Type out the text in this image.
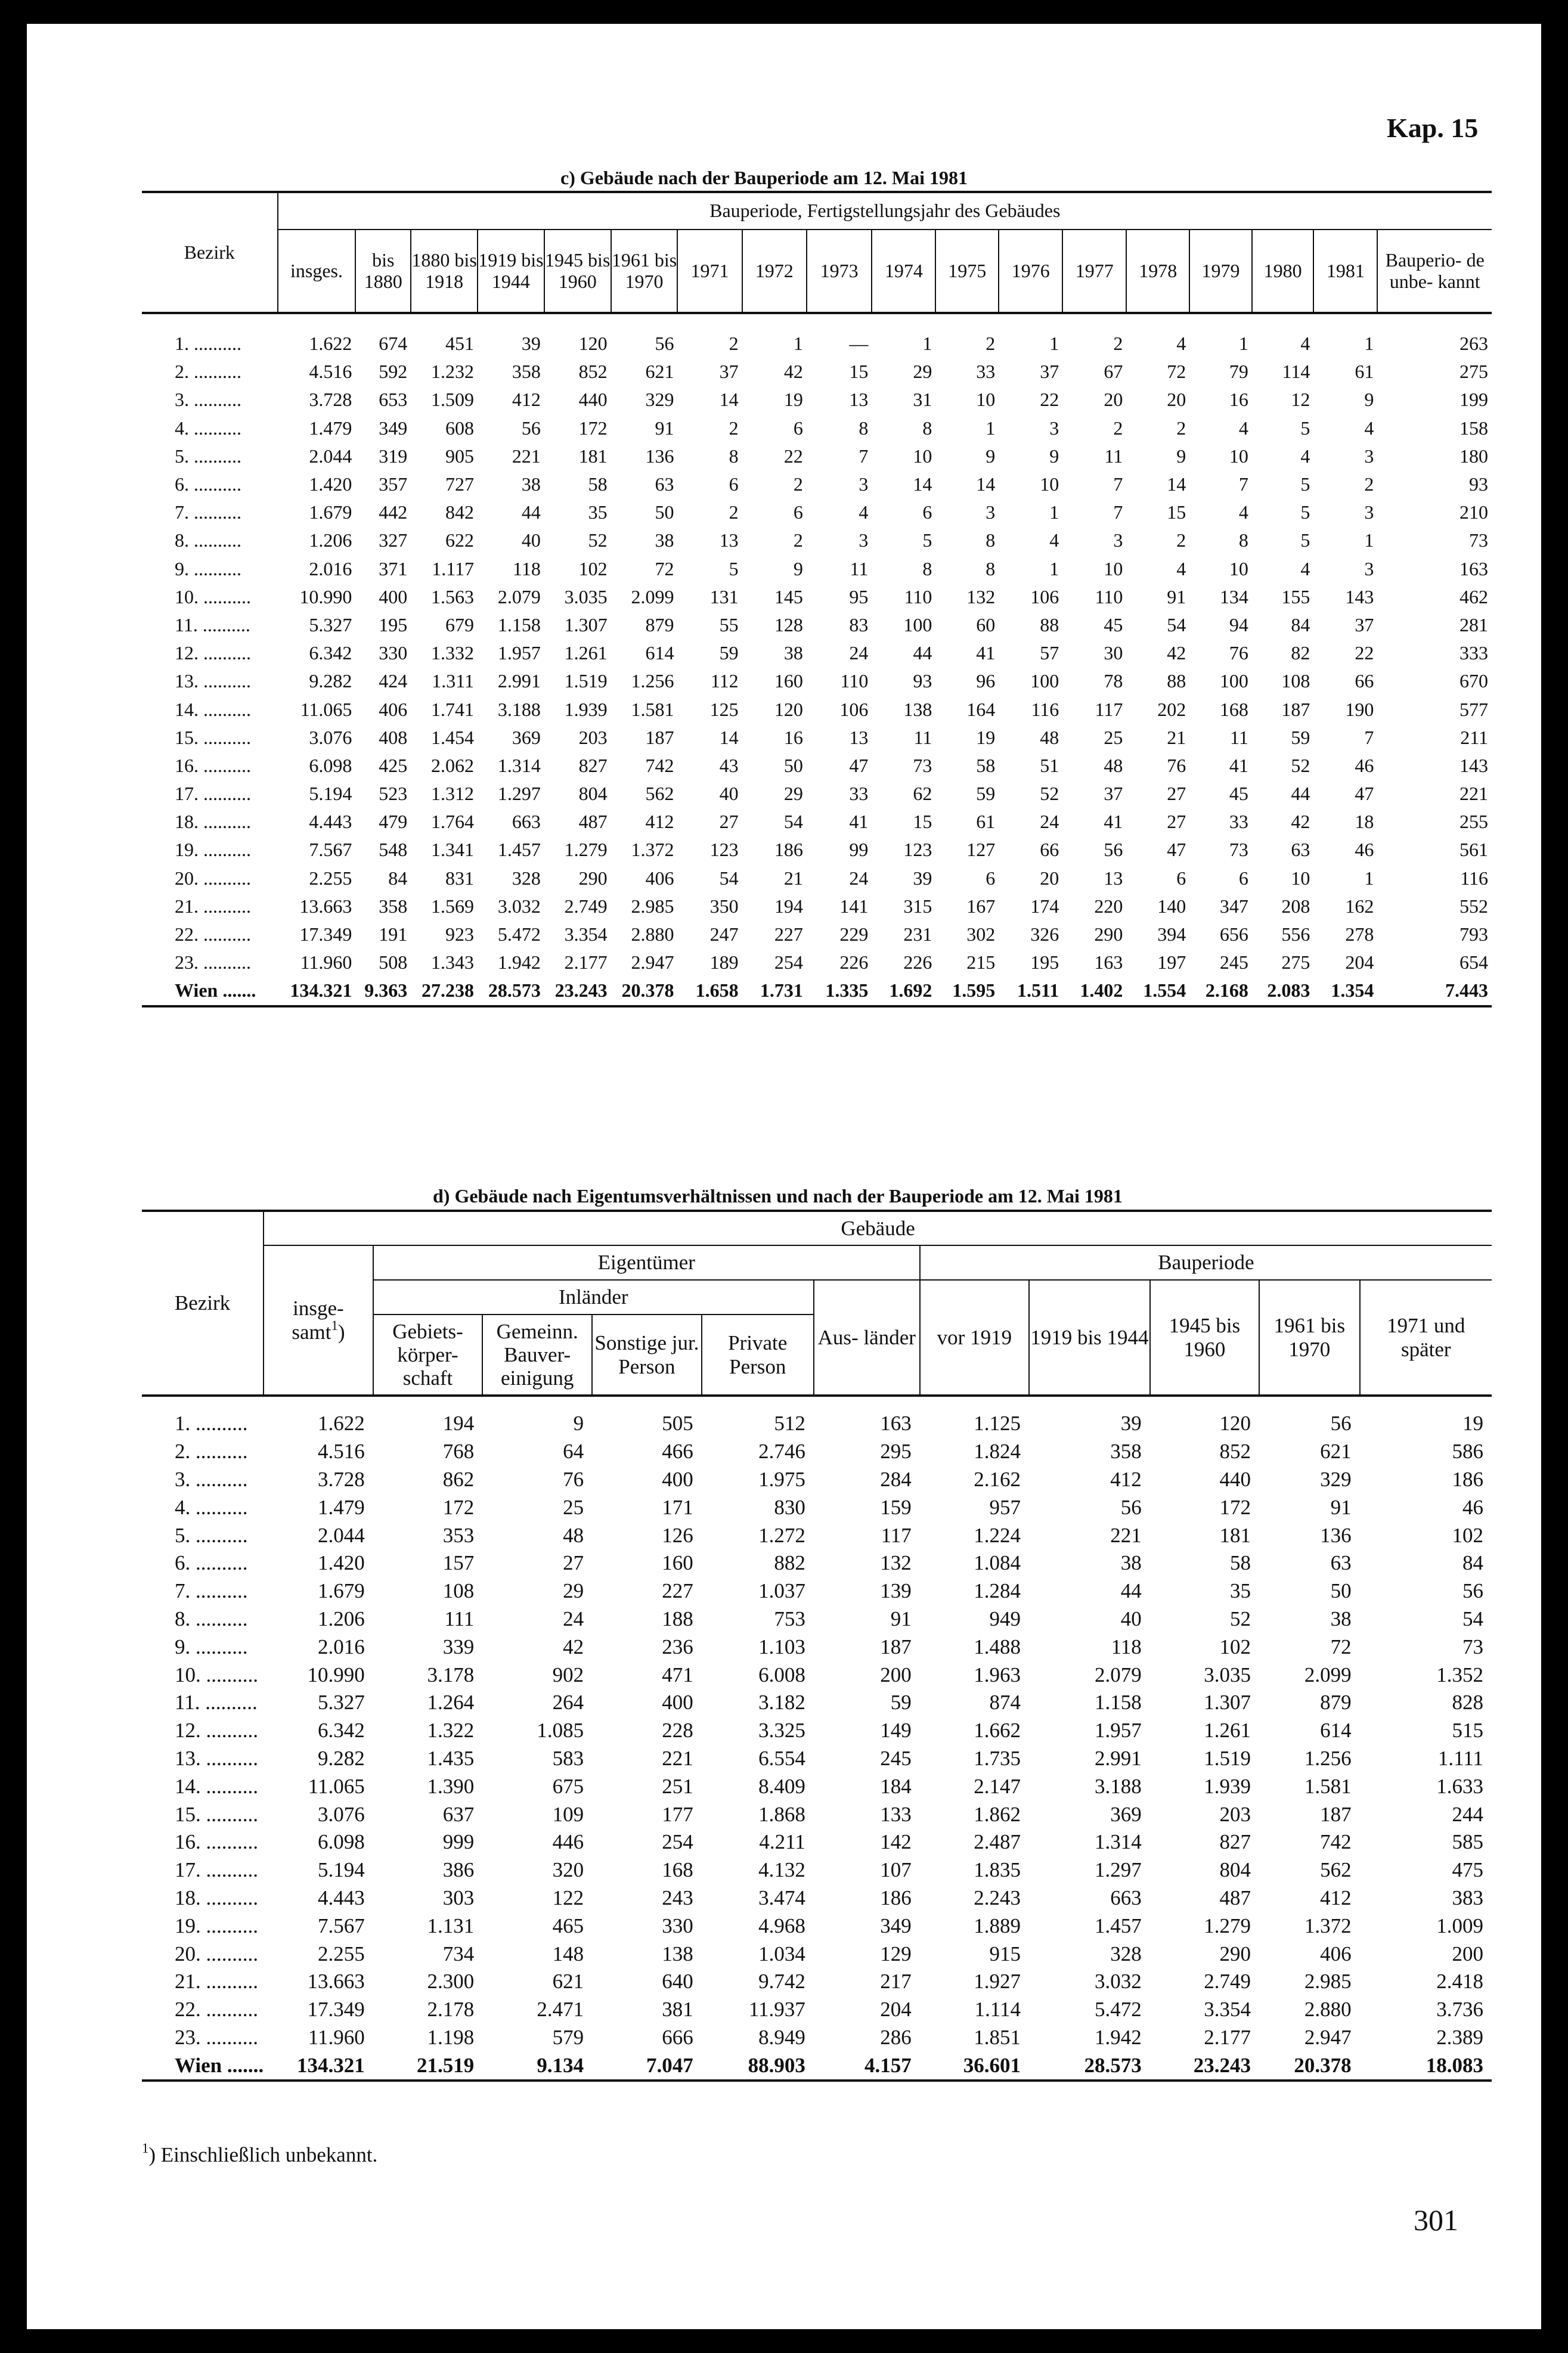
Kap. 15
c) Gebäude nach der Bauperiode am 12. Mai 1981
Bezirk	Bauperiode, Fertigstellungsjahr des Gebäudes																	
	insges.	bis 1880	1880 bis 1918	1919 bis 1944	1945 bis 1960	1961 bis 1970	1971	1972	1973	1974	1975	1976	1977	1978	1979	1980	1981	Bauperio- de unbe- kannt
1. ..........	1.622	674	451	39	120	56	2	1	—	1	2	1	2	4	1	4	1	263
2. ..........	4.516	592	1.232	358	852	621	37	42	15	29	33	37	67	72	79	114	61	275
3. ..........	3.728	653	1.509	412	440	329	14	19	13	31	10	22	20	20	16	12	9	199
4. ..........	1.479	349	608	56	172	91	2	6	8	8	1	3	2	2	4	5	4	158
5. ..........	2.044	319	905	221	181	136	8	22	7	10	9	9	11	9	10	4	3	180
6. ..........	1.420	357	727	38	58	63	6	2	3	14	14	10	7	14	7	5	2	93
7. ..........	1.679	442	842	44	35	50	2	6	4	6	3	1	7	15	4	5	3	210
8. ..........	1.206	327	622	40	52	38	13	2	3	5	8	4	3	2	8	5	1	73
9. ..........	2.016	371	1.117	118	102	72	5	9	11	8	8	1	10	4	10	4	3	163
10. ..........	10.990	400	1.563	2.079	3.035	2.099	131	145	95	110	132	106	110	91	134	155	143	462
11. ..........	5.327	195	679	1.158	1.307	879	55	128	83	100	60	88	45	54	94	84	37	281
12. ..........	6.342	330	1.332	1.957	1.261	614	59	38	24	44	41	57	30	42	76	82	22	333
13. ..........	9.282	424	1.311	2.991	1.519	1.256	112	160	110	93	96	100	78	88	100	108	66	670
14. ..........	11.065	406	1.741	3.188	1.939	1.581	125	120	106	138	164	116	117	202	168	187	190	577
15. ..........	3.076	408	1.454	369	203	187	14	16	13	11	19	48	25	21	11	59	7	211
16. ..........	6.098	425	2.062	1.314	827	742	43	50	47	73	58	51	48	76	41	52	46	143
17. ..........	5.194	523	1.312	1.297	804	562	40	29	33	62	59	52	37	27	45	44	47	221
18. ..........	4.443	479	1.764	663	487	412	27	54	41	15	61	24	41	27	33	42	18	255
19. ..........	7.567	548	1.341	1.457	1.279	1.372	123	186	99	123	127	66	56	47	73	63	46	561
20. ..........	2.255	84	831	328	290	406	54	21	24	39	6	20	13	6	6	10	1	116
21. ..........	13.663	358	1.569	3.032	2.749	2.985	350	194	141	315	167	174	220	140	347	208	162	552
22. ..........	17.349	191	923	5.472	3.354	2.880	247	227	229	231	302	326	290	394	656	556	278	793
23. ..........	11.960	508	1.343	1.942	2.177	2.947	189	254	226	226	215	195	163	197	245	275	204	654
Wien .......	134.321	9.363	27.238	28.573	23.243	20.378	1.658	1.731	1.335	1.692	1.595	1.511	1.402	1.554	2.168	2.083	1.354	7.443
d) Gebäude nach Eigentumsverhältnissen und nach der Bauperiode am 12. Mai 1981
Bezirk	Gebäude										
	insge- samt$^1$)	Eigentümer					Bauperiode				
		Inländer				Aus- länder	vor 1919	1919 bis 1944	1945 bis 1960	1961 bis 1970	1971 und später
		Gebiets- körper- schaft	Gemeinn. Bauver- einigung	Sonstige jur. Person	Private Person						
1. ..........	1.622	194	9	505	512	163	1.125	39	120	56	19
2. ..........	4.516	768	64	466	2.746	295	1.824	358	852	621	586
3. ..........	3.728	862	76	400	1.975	284	2.162	412	440	329	186
4. ..........	1.479	172	25	171	830	159	957	56	172	91	46
5. ..........	2.044	353	48	126	1.272	117	1.224	221	181	136	102
6. ..........	1.420	157	27	160	882	132	1.084	38	58	63	84
7. ..........	1.679	108	29	227	1.037	139	1.284	44	35	50	56
8. ..........	1.206	111	24	188	753	91	949	40	52	38	54
9. ..........	2.016	339	42	236	1.103	187	1.488	118	102	72	73
10. ..........	10.990	3.178	902	471	6.008	200	1.963	2.079	3.035	2.099	1.352
11. ..........	5.327	1.264	264	400	3.182	59	874	1.158	1.307	879	828
12. ..........	6.342	1.322	1.085	228	3.325	149	1.662	1.957	1.261	614	515
13. ..........	9.282	1.435	583	221	6.554	245	1.735	2.991	1.519	1.256	1.111
14. ..........	11.065	1.390	675	251	8.409	184	2.147	3.188	1.939	1.581	1.633
15. ..........	3.076	637	109	177	1.868	133	1.862	369	203	187	244
16. ..........	6.098	999	446	254	4.211	142	2.487	1.314	827	742	585
17. ..........	5.194	386	320	168	4.132	107	1.835	1.297	804	562	475
18. ..........	4.443	303	122	243	3.474	186	2.243	663	487	412	383
19. ..........	7.567	1.131	465	330	4.968	349	1.889	1.457	1.279	1.372	1.009
20. ..........	2.255	734	148	138	1.034	129	915	328	290	406	200
21. ..........	13.663	2.300	621	640	9.742	217	1.927	3.032	2.749	2.985	2.418
22. ..........	17.349	2.178	2.471	381	11.937	204	1.114	5.472	3.354	2.880	3.736
23. ..........	11.960	1.198	579	666	8.949	286	1.851	1.942	2.177	2.947	2.389
Wien .......	134.321	21.519	9.134	7.047	88.903	4.157	36.601	28.573	23.243	20.378	18.083
$^1$) Einschließlich unbekannt.
301
